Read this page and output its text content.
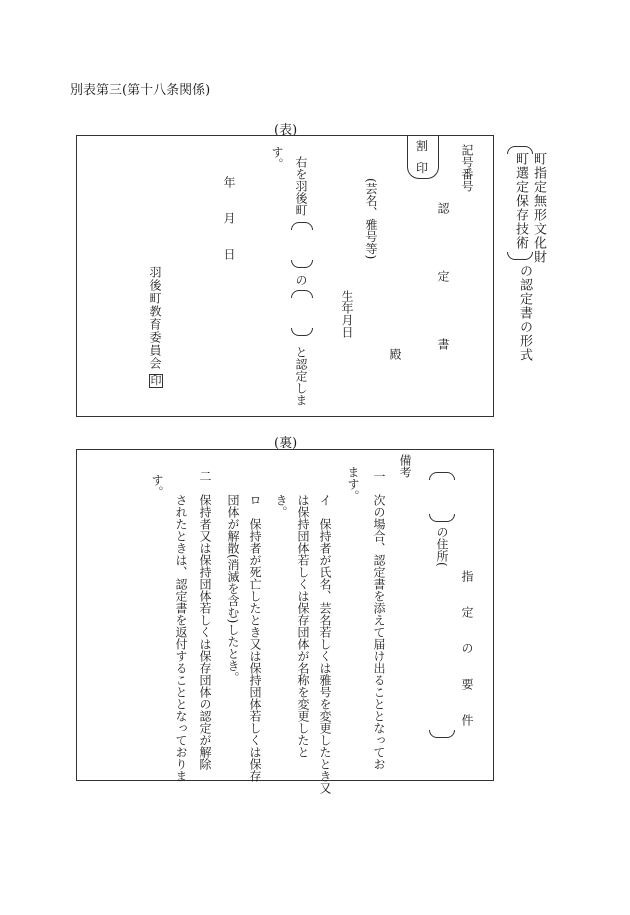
別表第三(第十八条関係)
町選定保存技術 町指定無形文化財
の認定書の形式
(表)
記号番号
割
印
認　定　書
(芸名、雅号等)
殿
生年月日
右を羽後町
の
と認定しま
す。
年
月
日
羽後町教育委員会
印
(裏)
指　定　の　要　件
の住所(
備考
一
次の場合、認定書を添えて届け出ることとなってお
ます。
イ
保持者が氏名、芸名若しくは雅号を変更したとき又
は保持団体若しくは保存団体が名称を変更したと
き。
ロ
保持者が死亡したとき又は保持団体若しくは保存
団体が解散(消滅を含む)したとき。
二
保持者又は保持団体若しくは保存団体の認定が解除
されたときは、認定書を返付することとなっておりま
す。
